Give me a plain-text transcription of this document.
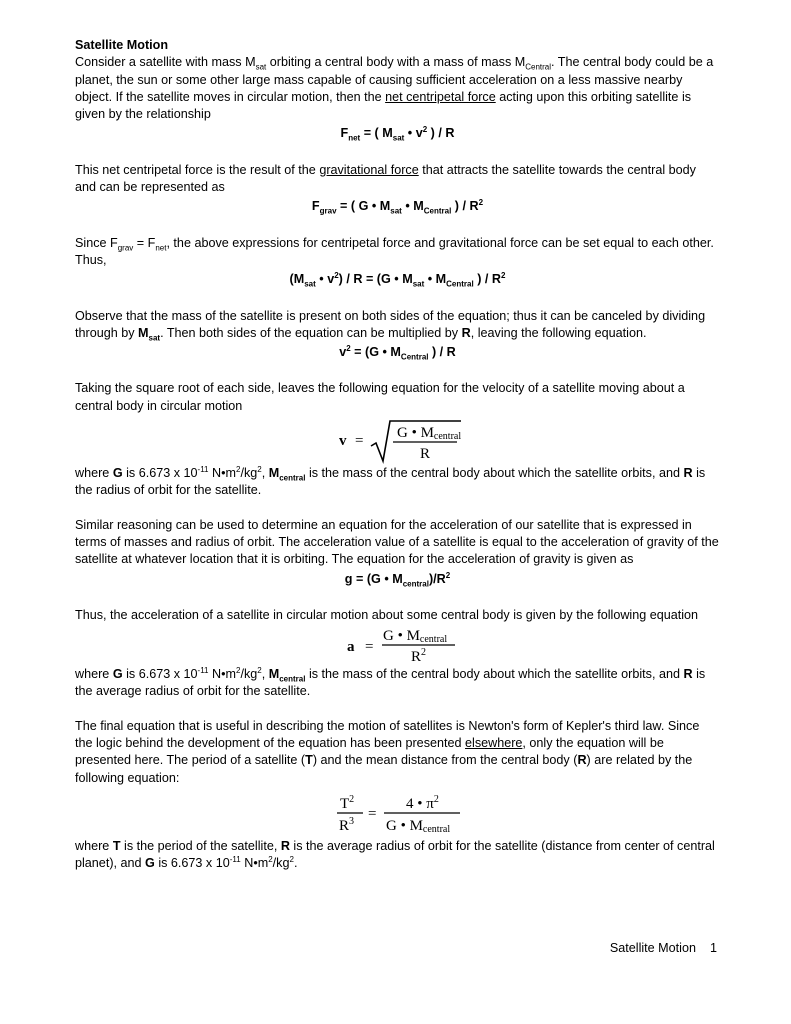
Satellite Motion

Consider a satellite with mass $M_{sat}$ orbiting a central body with a mass of mass $M_{Central}$. The central body could be a planet, the sun or some other large mass capable of causing sufficient acceleration on a less massive nearby object. If the satellite moves in circular motion, then the net centripetal force acting upon this orbiting satellite is given by the relationship

$F_{net}$ = ( $M_{sat}$ • $v^2$ ) / R

This net centripetal force is the result of the gravitational force that attracts the satellite towards the central body and can be represented as

$F_{grav}$ = ( G • $M_{sat}$ • $M_{Central}$ ) / $R^2$

Since $F_{grav} = F_{net}$, the above expressions for centripetal force and gravitational force can be set equal to each other. Thus,

($M_{sat}$ • $v^2) / R = (G$ • $M_{sat}$ • $M_{Central}$ ) / $R^2$

Observe that the mass of the satellite is present on both sides of the equation; thus it can be canceled by dividing through by $M_{sat}$. Then both sides of the equation can be multiplied by R, leaving the following equation.

$v^2 = (G$ • $M_{Central}$ ) / R

Taking the square root of each side, leaves the following equation for the velocity of a satellite moving about a central body in circular motion

v = G • Mcentral
R

where G is 6.673 x $10^{-11}$ $N•m^2/kg^2$, $M_{central}$ is the mass of the central body about which the satellite orbits, and R is the radius of orbit for the satellite.

Similar reasoning can be used to determine an equation for the acceleration of our satellite that is expressed in terms of masses and radius of orbit. The acceleration value of a satellite is equal to the acceleration of gravity of the satellite at whatever location that it is orbiting. The equation for the acceleration of gravity is given as

g = (G • $M_{central})/R^2$

Thus, the acceleration of a satellite in circular motion about some central body is given by the following equation

a =
G • Mcentral
$R^2$

where G is 6.673 x $10^{-11}$ $N•m^2/kg^2$, $M_{central}$ is the mass of the central body about which the satellite orbits, and R is the average radius of orbit for the satellite.

The final equation that is useful in describing the motion of satellites is Newton's form of Kepler's third law. Since the logic behind the development of the equation has been presented elsewhere, only the equation will be presented here. The period of a satellite (T) and the mean distance from the central body (R) are related by the following equation:

$T^2$
$R^3$ =
4 • $\pi^2$
G • Mcentral

where T is the period of the satellite, R is the average radius of orbit for the satellite (distance from center of central planet), and G is 6.673 x $10^{-11}$ $N•m^2/kg^2$.

Satellite Motion 1
